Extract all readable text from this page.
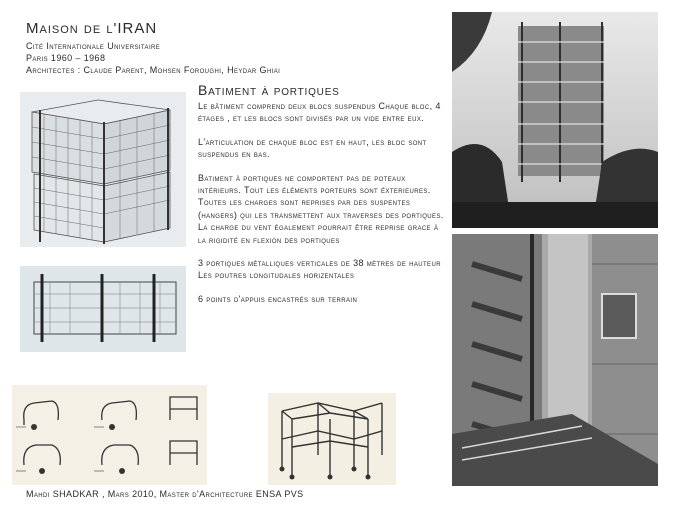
Maison de l'IRAN
Cité Internationale Universitaire
Paris 1960 – 1968
Architectes : Claude Parent, Mohsen Foroughi, Heydar Ghiai
Batiment à portiques

Le bâtiment comprend deux blocs suspendus Chaque bloc, 4 étages , et les blocs sont divisés par un vide entre eux.

L'articulation de chaque bloc est en haut, les bloc sont suspendus en bas.

Batiment à portiques ne comportent pas de poteaux intérieurs. Tout les éléments porteurs sont éxterieures. Toutes les charges sont reprises par des suspentes (hangers) qui les transmettent aux traverses des portiques. La charge du vent également pourrait être reprise grace à la rigidité en flexion des portiques

3 portiques métalliques verticales de 38 mètres de hauteur Les poutres longitudales horizentales

6 points d'appuis encastrés sur terrain

Mahdi SHADKAR , Mars 2010, Master d'Architecture ENSA PVS
